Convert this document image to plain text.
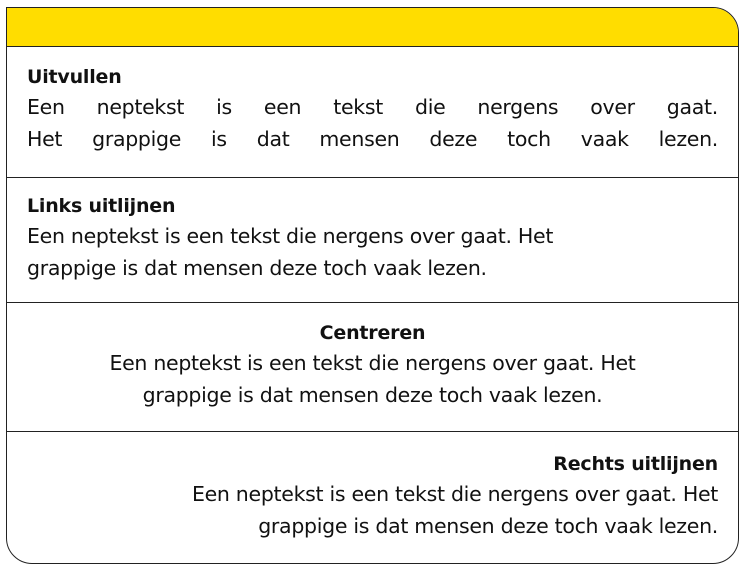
Uitvullen
Een neptekst is een tekst die nergens over gaat.
Het grappige is dat mensen deze toch vaak lezen.
Links uitlijnen
Een neptekst is een tekst die nergens over gaat. Het
grappige is dat mensen deze toch vaak lezen.
Centreren
Een neptekst is een tekst die nergens over gaat. Het
grappige is dat mensen deze toch vaak lezen.
Rechts uitlijnen
Een neptekst is een tekst die nergens over gaat. Het
grappige is dat mensen deze toch vaak lezen.
